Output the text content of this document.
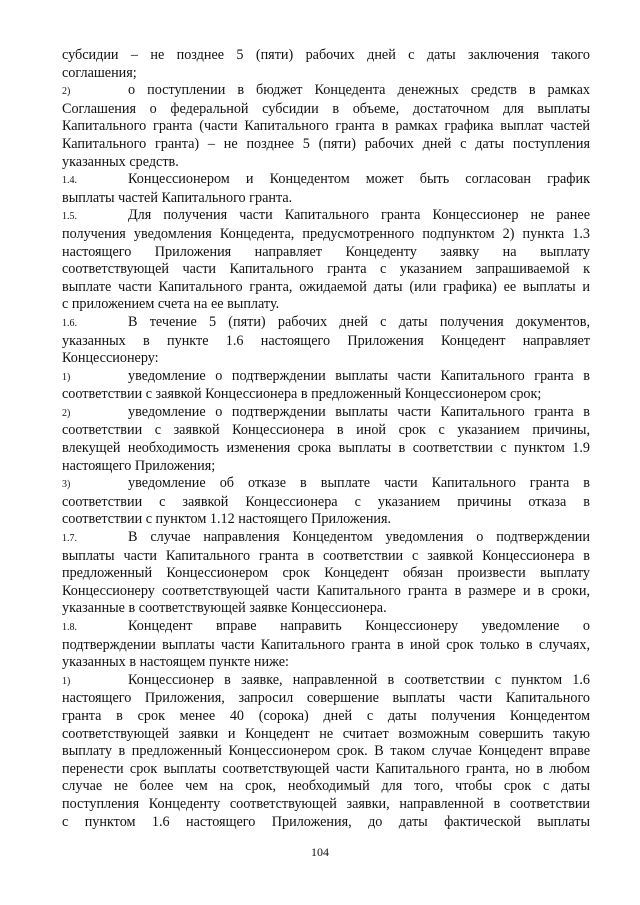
субсидии – не позднее 5 (пяти) рабочих дней с даты заключения такого

соглашения;

2)	о поступлении в бюджет Концедента денежных средств в рамках

Соглашения о федеральной субсидии в объеме, достаточном для выплаты

Капитального гранта (части Капитального гранта в рамках графика выплат частей

Капитального гранта) – не позднее 5 (пяти) рабочих дней с даты поступления

указанных средств.

1.4.	Концессионером и Концедентом может быть согласован график

выплаты частей Капитального гранта.

1.5.	Для получения части Капитального гранта Концессионер не ранее

получения уведомления Концедента, предусмотренного подпунктом 2) пункта 1.3

настоящего Приложения направляет Концеденту заявку на выплату

соответствующей части Капитального гранта с указанием запрашиваемой к

выплате части Капитального гранта, ожидаемой даты (или графика) ее выплаты и

с приложением счета на ее выплату.

1.6.	В течение 5 (пяти) рабочих дней с даты получения документов,

указанных в пункте 1.6 настоящего Приложения Концедент направляет

Концессионеру:

1)	уведомление о подтверждении выплаты части Капитального гранта в

соответствии с заявкой Концессионера в предложенный Концессионером срок;

2)	уведомление о подтверждении выплаты части Капитального гранта в

соответствии с заявкой Концессионера в иной срок с указанием причины,

влекущей необходимость изменения срока выплаты в соответствии с пунктом 1.9

настоящего Приложения;

3)	уведомление об отказе в выплате части Капитального гранта в

соответствии с заявкой Концессионера с указанием причины отказа в

соответствии с пунктом 1.12 настоящего Приложения.

1.7.	В случае направления Концедентом уведомления о подтверждении

выплаты части Капитального гранта в соответствии с заявкой Концессионера в

предложенный Концессионером срок Концедент обязан произвести выплату

Концессионеру соответствующей части Капитального гранта в размере и в сроки,

указанные в соответствующей заявке Концессионера.

1.8.	Концедент вправе направить Концессионеру уведомление о

подтверждении выплаты части Капитального гранта в иной срок только в случаях,

указанных в настоящем пункте ниже:

1)	Концессионер в заявке, направленной в соответствии с пунктом 1.6

настоящего Приложения, запросил совершение выплаты части Капитального

гранта в срок менее 40 (сорока) дней с даты получения Концедентом

соответствующей заявки и Концедент не считает возможным совершить такую

выплату в предложенный Концессионером срок. В таком случае Концедент вправе

перенести срок выплаты соответствующей части Капитального гранта, но в любом

случае не более чем на срок, необходимый для того, чтобы срок с даты

поступления Концеденту соответствующей заявки, направленной в соответствии

с пунктом 1.6 настоящего Приложения, до даты фактической выплаты

104
